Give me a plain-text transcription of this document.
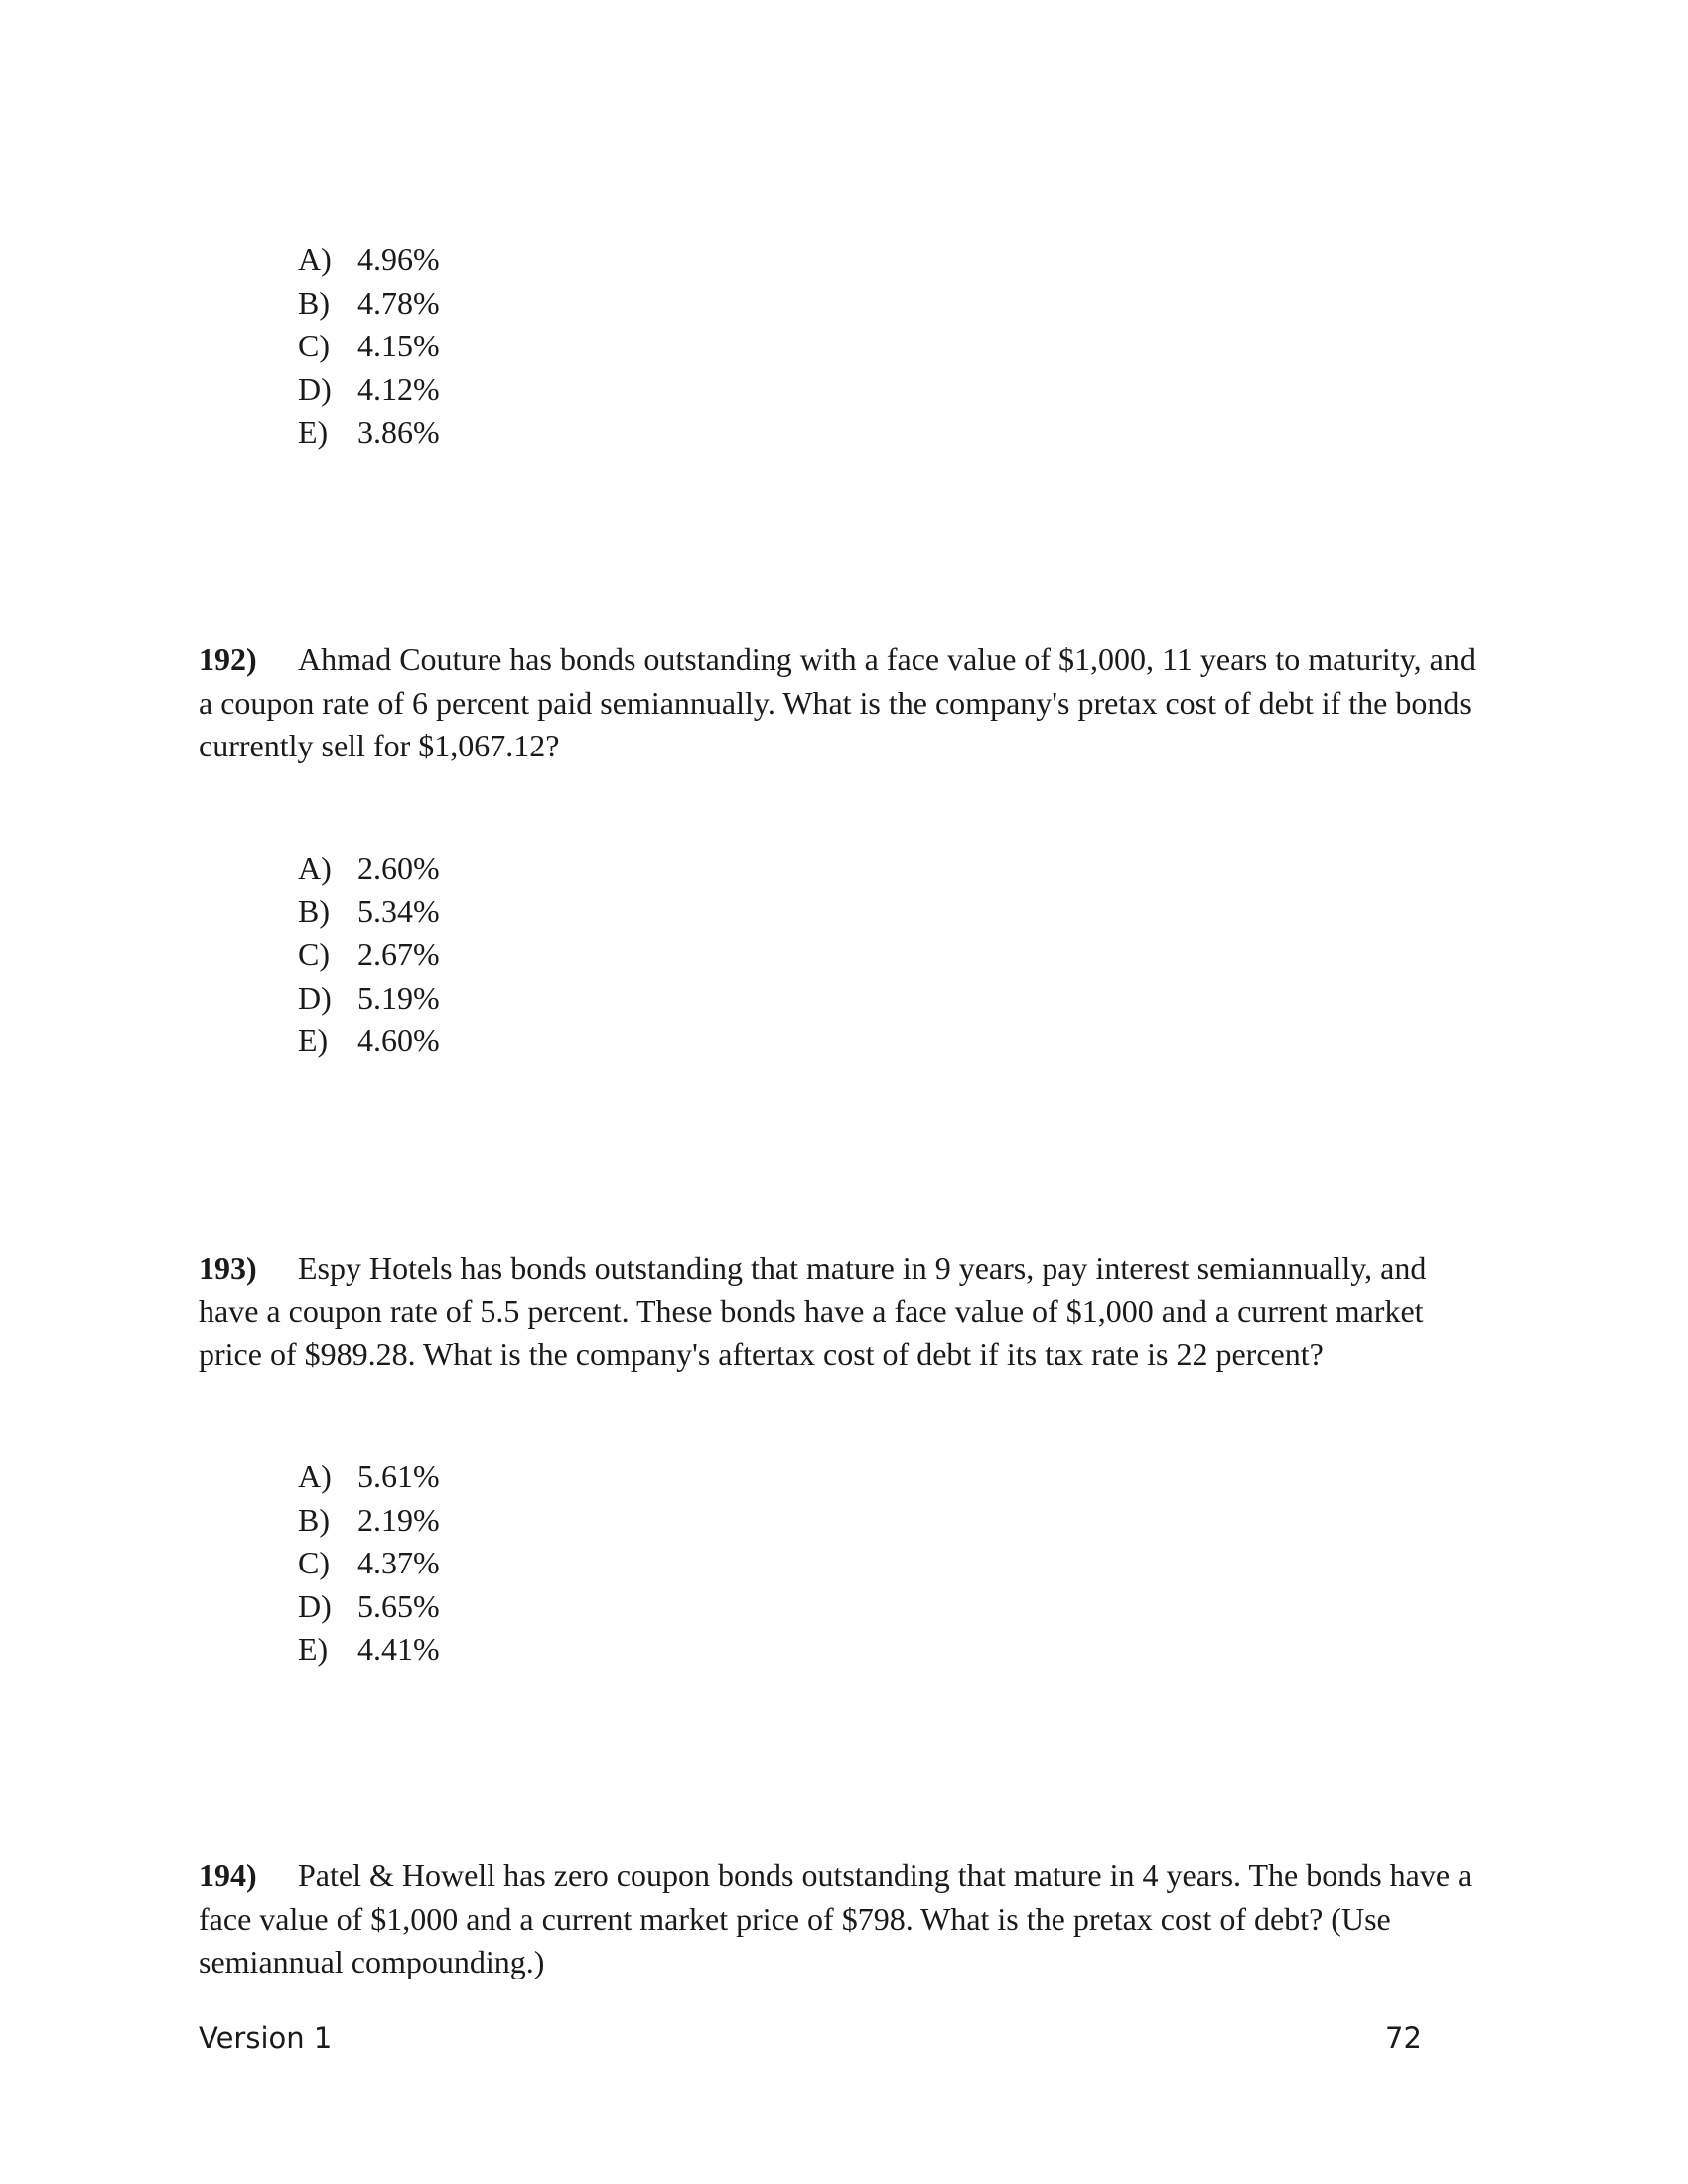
A) 4.96%
B) 4.78%
C) 4.15%
D) 4.12%
E) 3.86%

192) Ahmad Couture has bonds outstanding with a face value of $1,000, 11 years to maturity, and a coupon rate of 6 percent paid semiannually. What is the company's pretax cost of debt if the bonds currently sell for $1,067.12?

A) 2.60%
B) 5.34%
C) 2.67%
D) 5.19%
E) 4.60%

193) Espy Hotels has bonds outstanding that mature in 9 years, pay interest semiannually, and have a coupon rate of 5.5 percent. These bonds have a face value of $1,000 and a current market price of $989.28. What is the company's aftertax cost of debt if its tax rate is 22 percent?

A) 5.61%
B) 2.19%
C) 4.37%
D) 5.65%
E) 4.41%

194) Patel & Howell has zero coupon bonds outstanding that mature in 4 years. The bonds have a face value of $1,000 and a current market price of $798. What is the pretax cost of debt? (Use semiannual compounding.)

Version 1	72
